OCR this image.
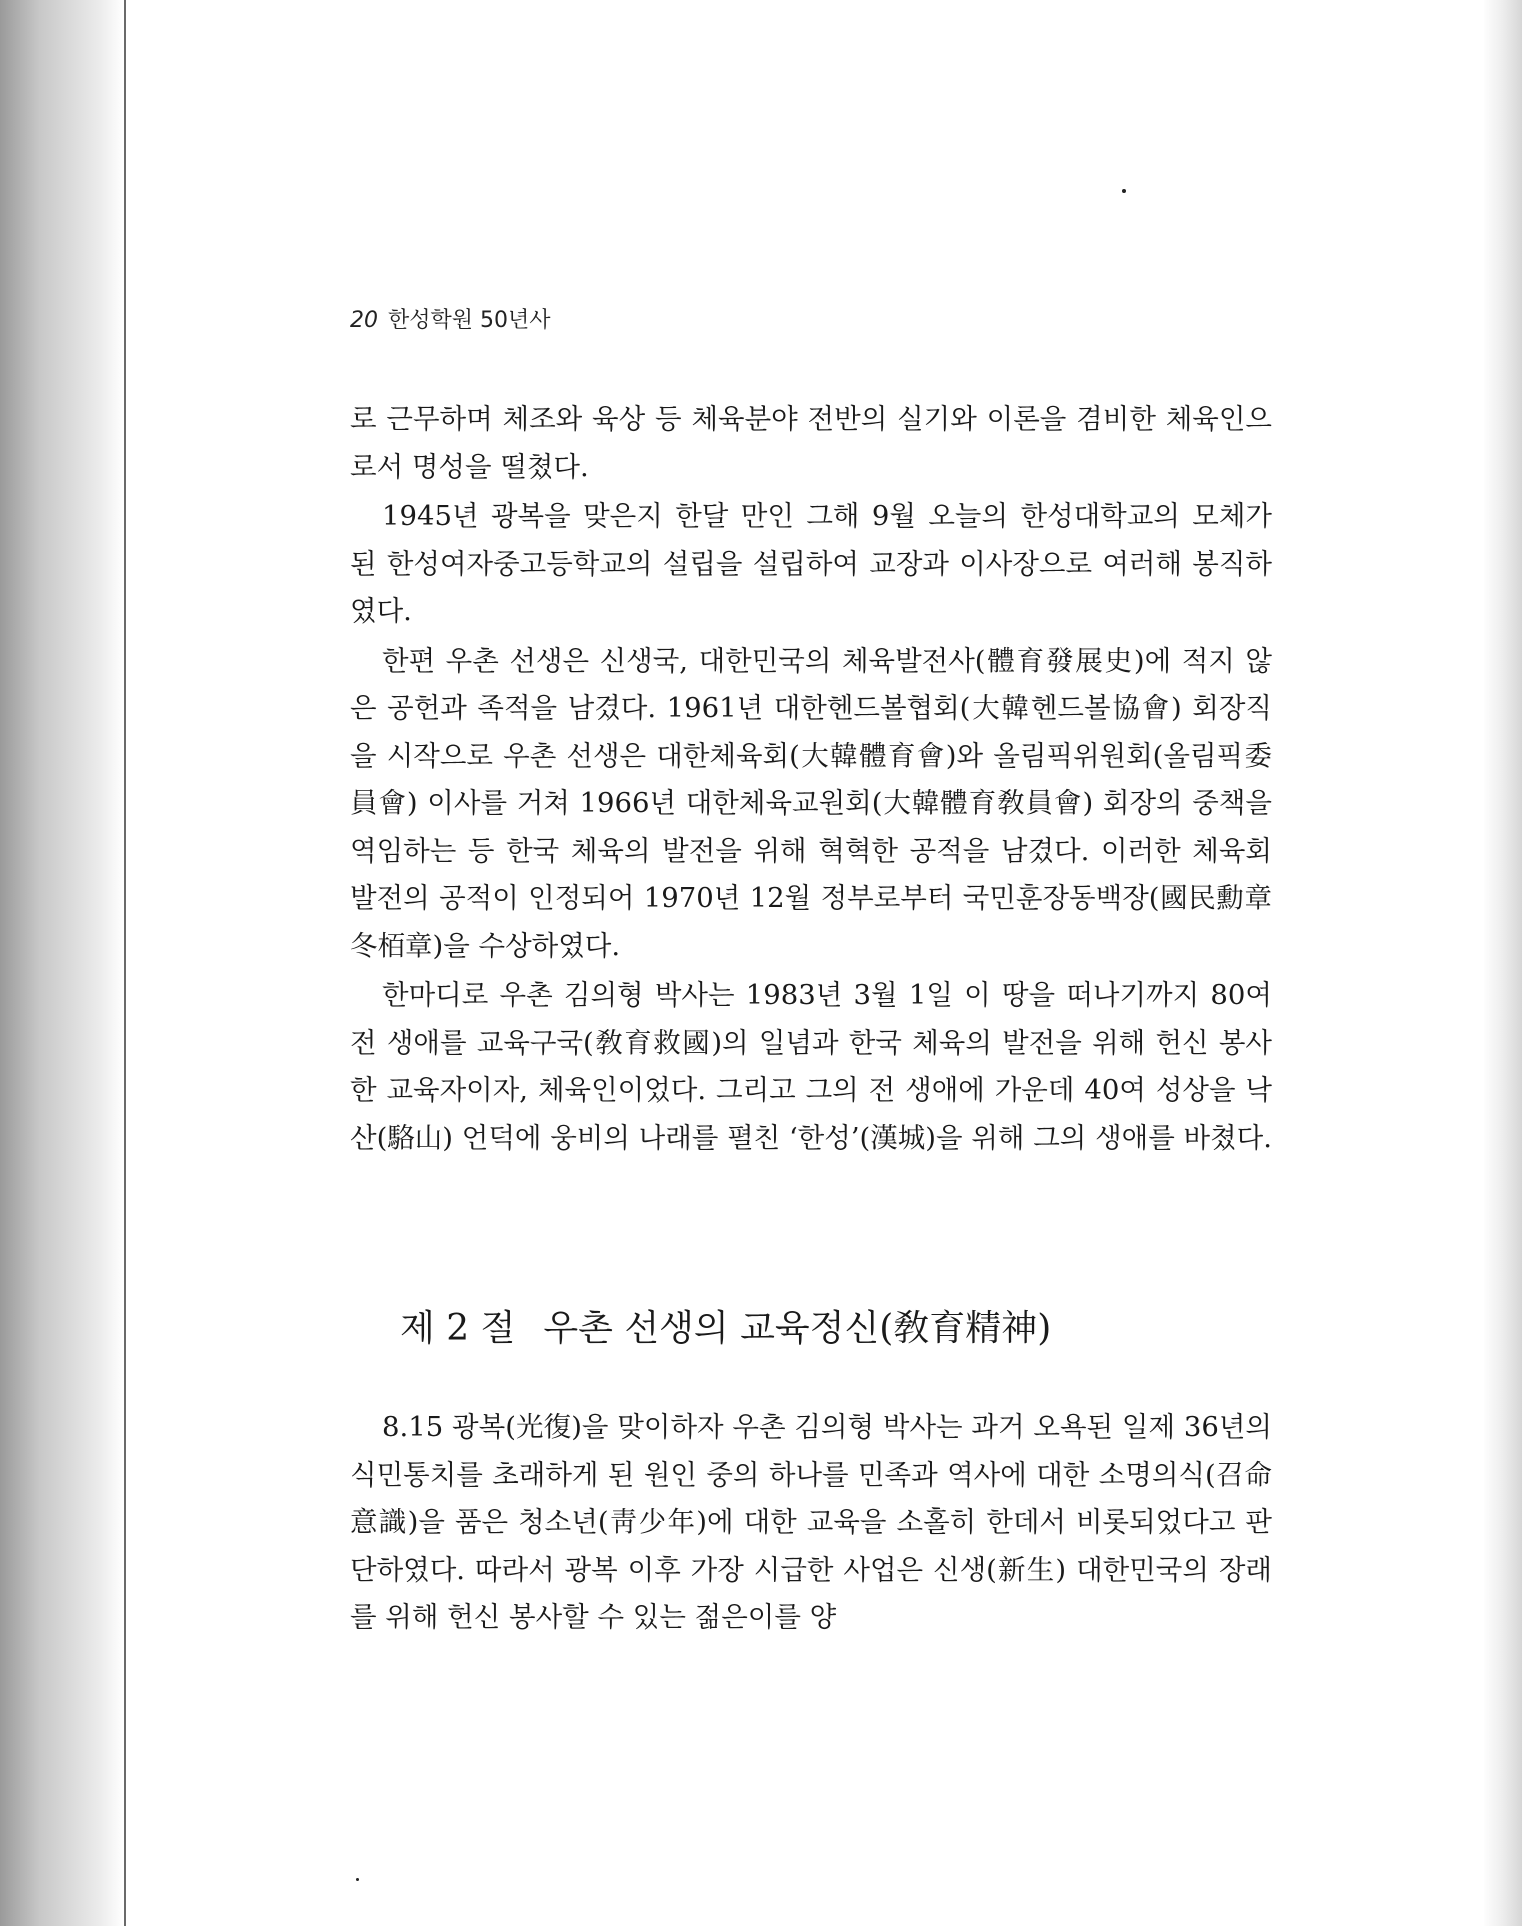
20 한성학원 50년사

로 근무하며 체조와 육상 등 체육분야 전반의 실기와 이론을 겸비한 체육인으로서 명성을 떨쳤다.

1945년 광복을 맞은지 한달 만인 그해 9월 오늘의 한성대학교의 모체가 된 한성여자중고등학교의 설립을 설립하여 교장과 이사장으로 여러해 봉직하였다.

한편 우촌 선생은 신생국, 대한민국의 체육발전사(體育發展史)에 적지 않은 공헌과 족적을 남겼다. 1961년 대한헨드볼협회(大韓헨드볼協會) 회장직을 시작으로 우촌 선생은 대한체육회(大韓體育會)와 올림픽위원회(올림픽委員會) 이사를 거쳐 1966년 대한체육교원회(大韓體育敎員會) 회장의 중책을 역임하는 등 한국 체육의 발전을 위해 혁혁한 공적을 남겼다. 이러한 체육회 발전의 공적이 인정되어 1970년 12월 정부로부터 국민훈장동백장(國民勳章冬栢章)을 수상하였다.

한마디로 우촌 김의형 박사는 1983년 3월 1일 이 땅을 떠나기까지 80여 전 생애를 교육구국(敎育救國)의 일념과 한국 체육의 발전을 위해 헌신 봉사한 교육자이자, 체육인이었다. 그리고 그의 전 생애에 가운데 40여 성상을 낙산(駱山) 언덕에 웅비의 나래를 펼친 ‘한성’(漢城)을 위해 그의 생애를 바쳤다.

제 2 절 우촌 선생의 교육정신(敎育精神)

8.15 광복(光復)을 맞이하자 우촌 김의형 박사는 과거 오욕된 일제 36년의 식민통치를 초래하게 된 원인 중의 하나를 민족과 역사에 대한 소명의식(召命意識)을 품은 청소년(靑少年)에 대한 교육을 소홀히 한데서 비롯되었다고 판단하였다. 따라서 광복 이후 가장 시급한 사업은 신생(新生) 대한민국의 장래를 위해 헌신 봉사할 수 있는 젊은이를 양
